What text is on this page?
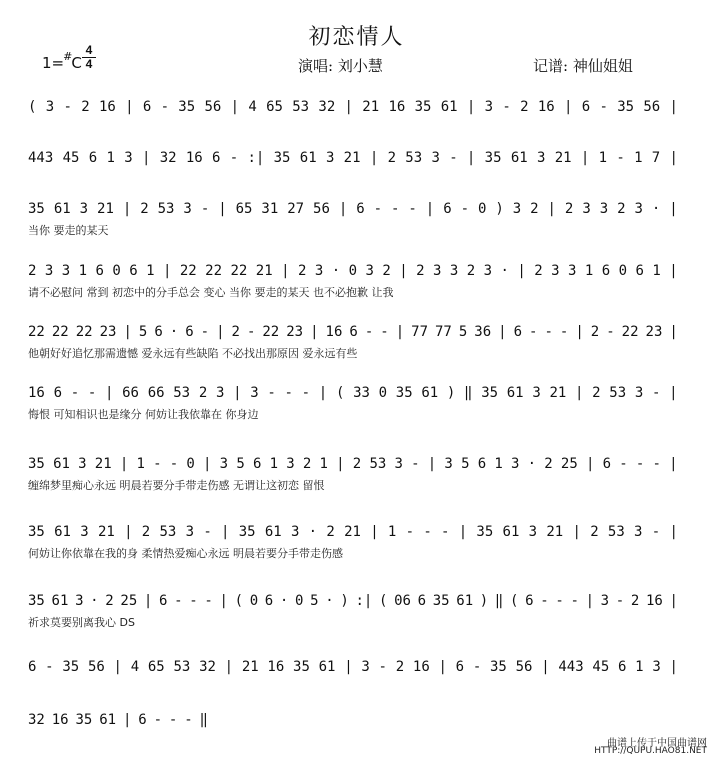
初恋情人
1=#C
4
4	演唱: 刘小慧	记谱: 神仙姐姐
( 3 - 2 16 | 6 - 35 56 | 4 65 53 32 | 21 16 35 61 | 3 - 2 16 | 6 - 35 56 |
443 45 6 1 3 | 32 16 6 - :| 35 61 3 21 | 2 53 3 - | 35 61 3 21 | 1 - 1 7 |
35 61 3 21 | 2 53 3 - | 65 31 27 56 | 6 - - - | 6 - 0 ) 3 2 | 2 3 3 2 3 · |
当你 要走的某天
2 3 3 1 6 0 6 1 | 22 22 22 21 | 2 3 · 0 3 2 | 2 3 3 2 3 · | 2 3 3 1 6 0 6 1 |
请不必慰问 常到 初恋中的分手总会 变心 当你 要走的某天 也不必抱歉 让我
22 22 22 23 | 5 6 · 6 - | 2 - 22 23 | 16 6 - - | 77 77 5 36 | 6 - - - | 2 - 22 23 |
他朝好好追忆那需遗憾 爱永远有些缺陷 不必找出那原因 爱永远有些
16 6 - - | 66 66 53 2 3 | 3 - - - | ( 33 0 35 61 ) ‖ 35 61 3 21 | 2 53 3 - |
悔恨 可知相识也是缘分 何妨让我依靠在 你身边
35 61 3 21 | 1 - - 0 | 3 5 6 1 3 2 1 | 2 53 3 - | 3 5 6 1 3 · 2 25 | 6 - - - |
缠绵梦里痴心永远 明晨若要分手带走伤感 无谓让这初恋 留恨
35 61 3 21 | 2 53 3 - | 35 61 3 · 2 21 | 1 - - - | 35 61 3 21 | 2 53 3 - |
何妨让你依靠在我的身 柔情热爱痴心永远 明晨若要分手带走伤感
35 61 3 · 2 25 | 6 - - - | ( 0 6 · 0 5 · ) :| ( 06 6 35 61 ) ‖ ( 6 - - - | 3 - 2 16 |
祈求莫要别离我心 DS
6 - 35 56 | 4 65 53 32 | 21 16 35 61 | 3 - 2 16 | 6 - 35 56 | 443 45 6 1 3 |
32 16 35 61 | 6 - - - ‖
曲谱上传于中国曲谱网
HTTP://QUPU.HAO81.NET
